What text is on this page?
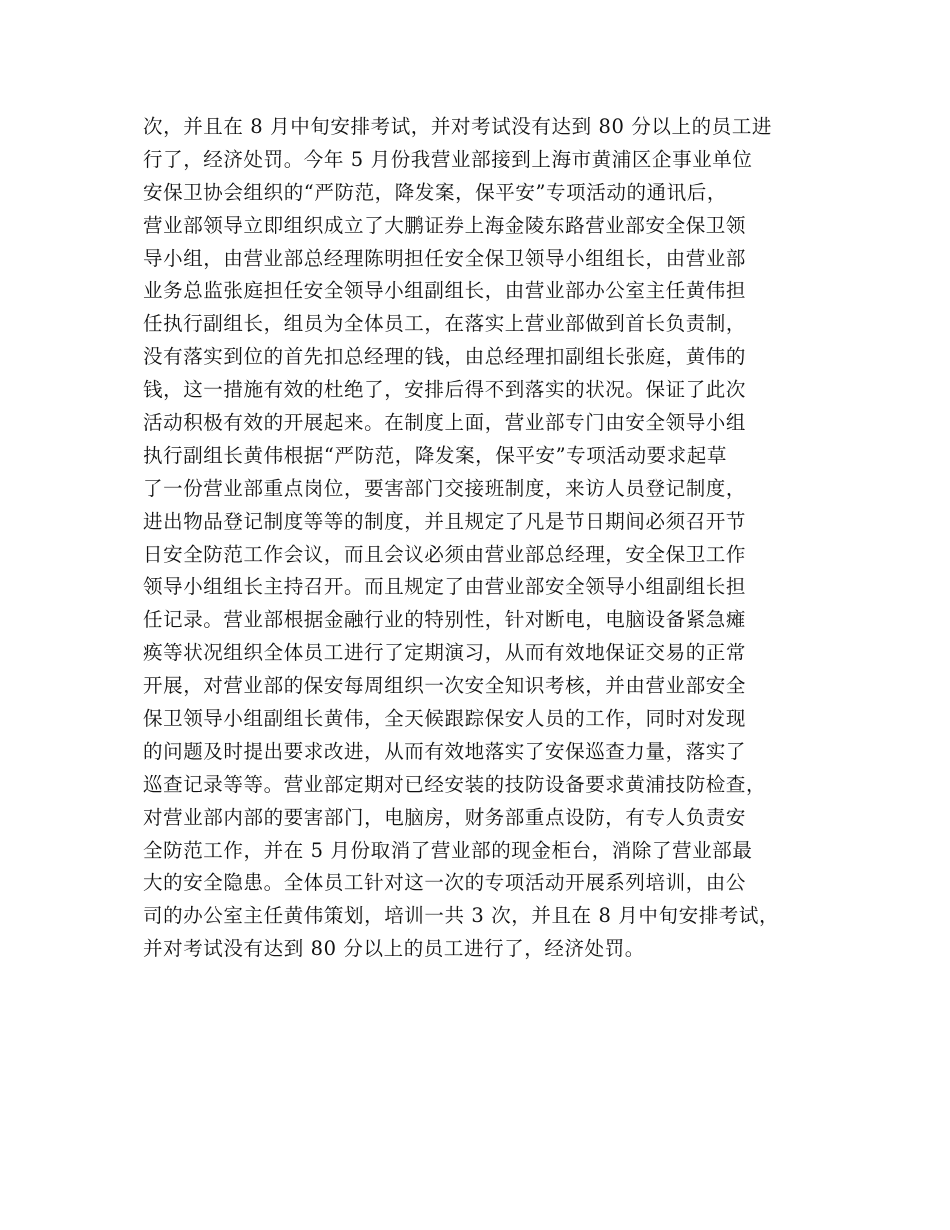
次，并且在 8 月中旬安排考试，并对考试没有达到 80 分以上的员工进
行了，经济处罚。今年 5 月份我营业部接到上海市黄浦区企事业单位
安保卫协会组织的“严防范，降发案，保平安”专项活动的通讯后，
营业部领导立即组织成立了大鹏证券上海金陵东路营业部安全保卫领
导小组，由营业部总经理陈明担任安全保卫领导小组组长，由营业部
业务总监张庭担任安全领导小组副组长，由营业部办公室主任黄伟担
任执行副组长，组员为全体员工，在落实上营业部做到首长负责制，
没有落实到位的首先扣总经理的钱，由总经理扣副组长张庭，黄伟的
钱，这一措施有效的杜绝了，安排后得不到落实的状况。保证了此次
活动积极有效的开展起来。在制度上面，营业部专门由安全领导小组
执行副组长黄伟根据“严防范，降发案，保平安”专项活动要求起草
了一份营业部重点岗位，要害部门交接班制度，来访人员登记制度，
进出物品登记制度等等的制度，并且规定了凡是节日期间必须召开节
日安全防范工作会议，而且会议必须由营业部总经理，安全保卫工作
领导小组组长主持召开。而且规定了由营业部安全领导小组副组长担
任记录。营业部根据金融行业的特别性，针对断电，电脑设备紧急瘫
痪等状况组织全体员工进行了定期演习，从而有效地保证交易的正常
开展，对营业部的保安每周组织一次安全知识考核，并由营业部安全
保卫领导小组副组长黄伟，全天候跟踪保安人员的工作，同时对发现
的问题及时提出要求改进，从而有效地落实了安保巡查力量，落实了
巡查记录等等。营业部定期对已经安装的技防设备要求黄浦技防检查，
对营业部内部的要害部门，电脑房，财务部重点设防，有专人负责安
全防范工作，并在 5 月份取消了营业部的现金柜台，消除了营业部最
大的安全隐患。全体员工针对这一次的专项活动开展系列培训，由公
司的办公室主任黄伟策划，培训一共 3 次，并且在 8 月中旬安排考试，
并对考试没有达到 80 分以上的员工进行了，经济处罚。
